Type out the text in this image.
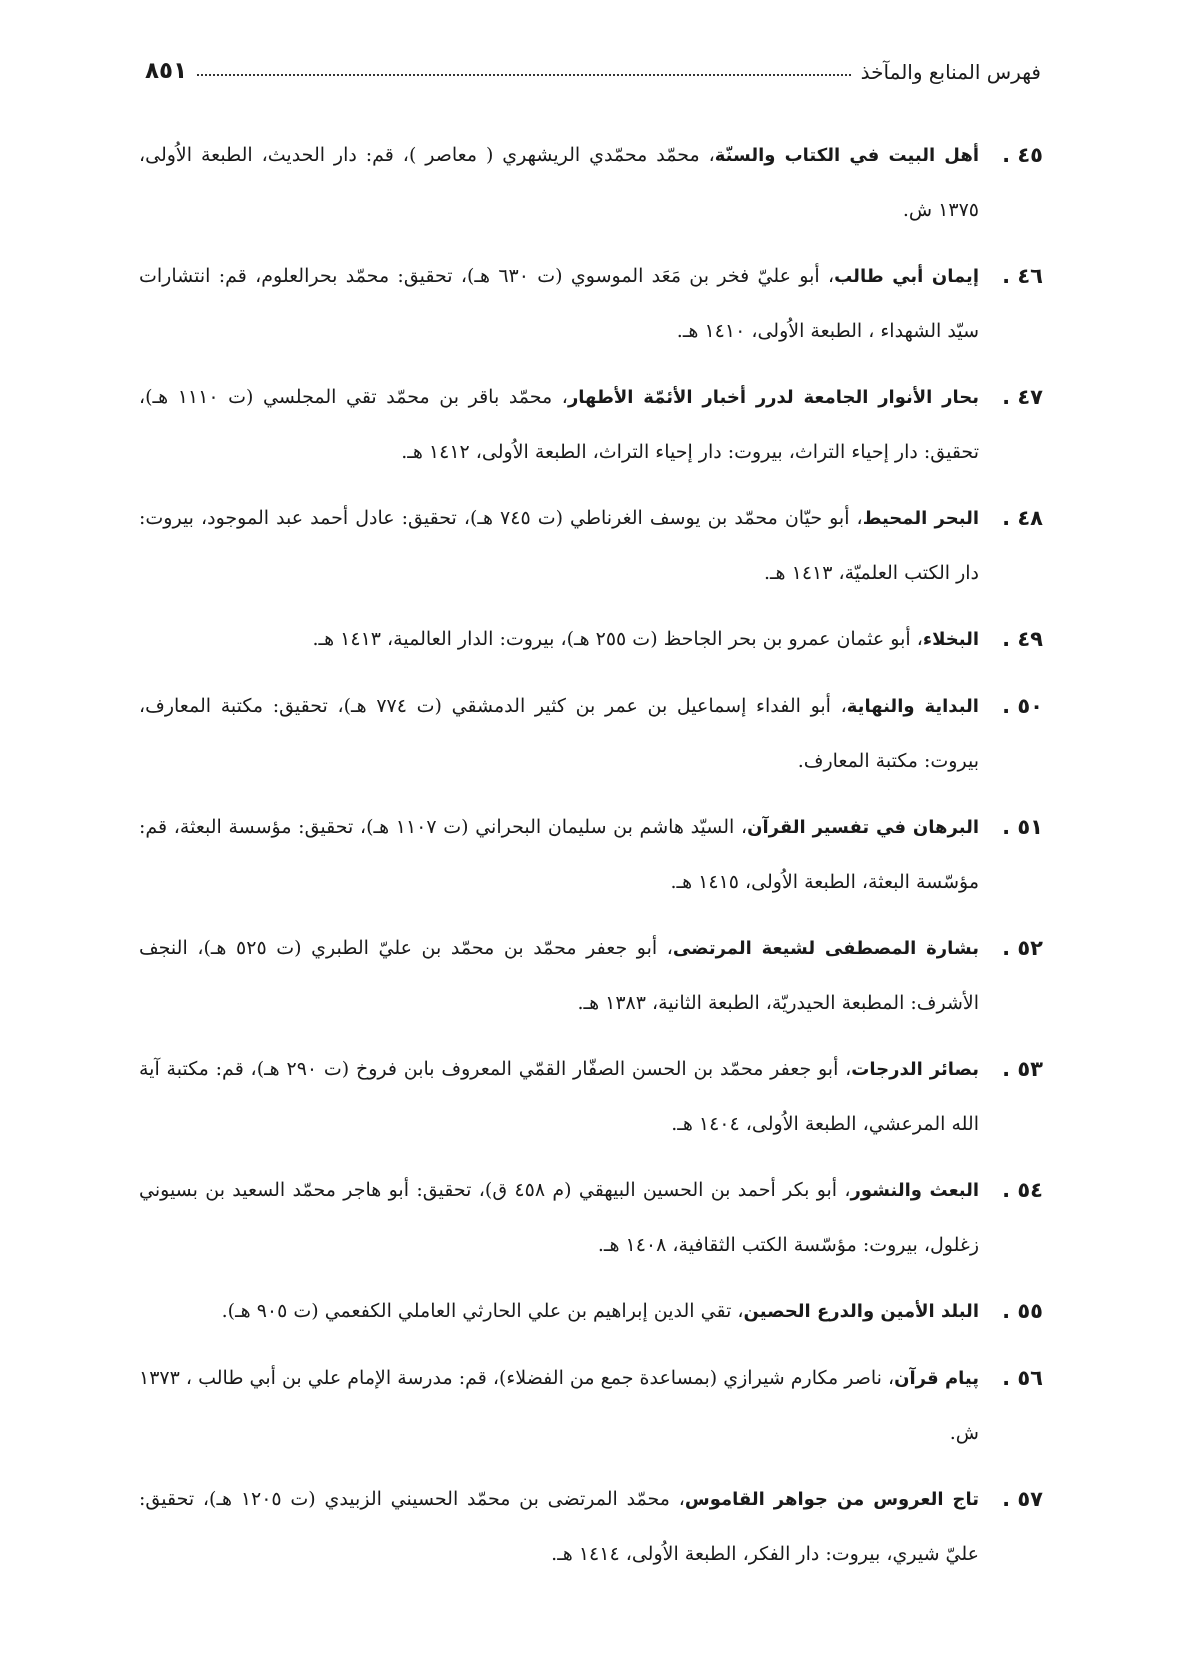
فهرس المنابع والمآخذ
٨٥١
٤٥ .
أهل البيت في الكتاب والسنّة، محمّد محمّدي الريشهري ( معاصر )، قم: دار الحديث، الطبعة الاُولى، ١٣٧٥ ش.
٤٦ .
إيمان أبي طالب، أبو عليّ فخر بن مَعَد الموسوي (ت ٦٣٠ هـ)، تحقيق: محمّد بحرالعلوم، قم: انتشارات سيّد الشهداء ، الطبعة الاُولى، ١٤١٠ هـ.
٤٧ .
بحار الأنوار الجامعة لدرر أخبار الأئمّة الأطهار، محمّد باقر بن محمّد تقي المجلسي (ت ١١١٠ هـ)، تحقيق: دار إحياء التراث، بيروت: دار إحياء التراث، الطبعة الاُولى، ١٤١٢ هـ.
٤٨ .
البحر المحيط، أبو حيّان محمّد بن يوسف الغرناطي (ت ٧٤٥ هـ)، تحقيق: عادل أحمد عبد الموجود، بيروت: دار الكتب العلميّة، ١٤١٣ هـ.
٤٩ .
البخلاء، أبو عثمان عمرو بن بحر الجاحظ (ت ٢٥٥ هـ)، بيروت: الدار العالمية، ١٤١٣ هـ.
٥٠ .
البداية والنهاية، أبو الفداء إسماعيل بن عمر بن كثير الدمشقي (ت ٧٧٤ هـ)، تحقيق: مكتبة المعارف، بيروت: مكتبة المعارف.
٥١ .
البرهان في تفسير القرآن، السيّد هاشم بن سليمان البحراني (ت ١١٠٧ هـ)، تحقيق: مؤسسة البعثة، قم: مؤسّسة البعثة، الطبعة الاُولى، ١٤١٥ هـ.
٥٢ .
بشارة المصطفى لشيعة المرتضى، أبو جعفر محمّد بن محمّد بن عليّ الطبري (ت ٥٢٥ هـ)، النجف الأشرف: المطبعة الحيدريّة، الطبعة الثانية، ١٣٨٣ هـ.
٥٣ .
بصائر الدرجات، أبو جعفر محمّد بن الحسن الصفّار القمّي المعروف بابن فروخ (ت ٢٩٠ هـ)، قم: مكتبة آية الله المرعشي، الطبعة الاُولى، ١٤٠٤ هـ.
٥٤ .
البعث والنشور، أبو بكر أحمد بن الحسين البيهقي (م ٤٥٨ ق)، تحقيق: أبو هاجر محمّد السعيد بن بسيوني زغلول، بيروت: مؤسّسة الكتب الثقافية، ١٤٠٨ هـ.
٥٥ .
البلد الأمين والدرع الحصين، تقي الدين إبراهيم بن علي الحارثي العاملي الكفعمي (ت ٩٠٥ هـ).
٥٦ .
پيام قرآن، ناصر مكارم شيرازي (بمساعدة جمع من الفضلاء)، قم: مدرسة الإمام علي بن أبي طالب ، ١٣٧٣ ش.
٥٧ .
تاج العروس من جواهر القاموس، محمّد المرتضى بن محمّد الحسيني الزبيدي (ت ١٢٠٥ هـ)، تحقيق: عليّ شيري، بيروت: دار الفكر، الطبعة الاُولى، ١٤١٤ هـ.
